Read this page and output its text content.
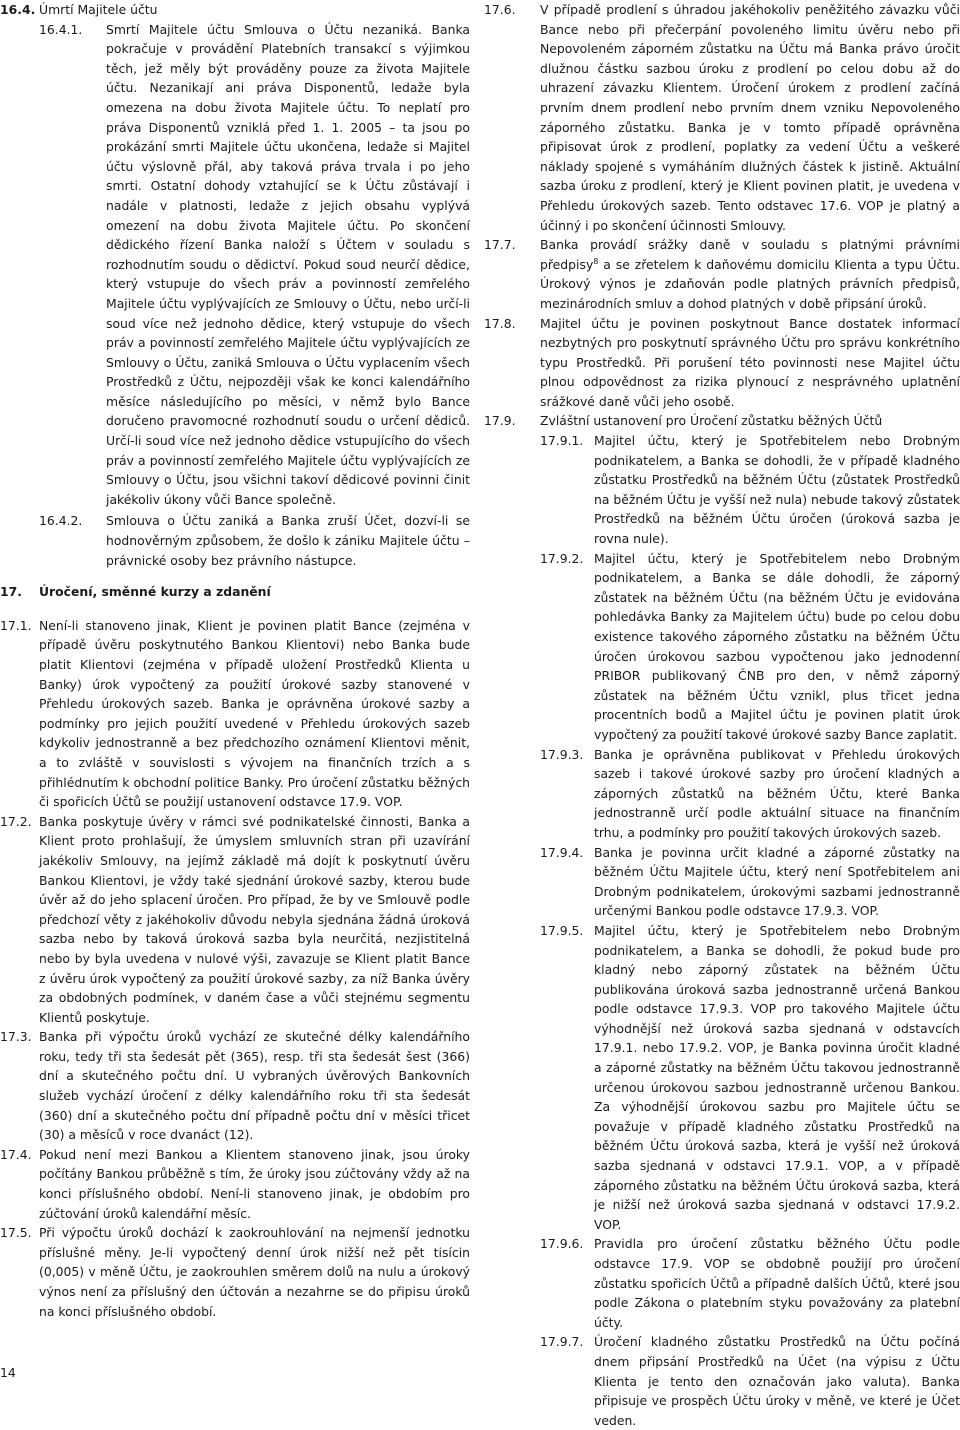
16.4. Úmrtí Majitele účtu
16.4.1. Smrtí Majitele účtu Smlouva o Účtu nezaniká. Banka pokračuje v provádění Platebních transakcí s výjimkou těch, jež měly být prováděny pouze za života Majitele účtu. Nezanikají ani práva Disponentů, ledaže byla omezena na dobu života Majitele účtu. To neplatí pro práva Disponentů vzniklá před 1. 1. 2005 – ta jsou po prokázání smrti Majitele účtu ukončena, ledaže si Majitel účtu výslovně přál, aby taková práva trvala i po jeho smrti. Ostatní dohody vztahující se k Účtu zůstávají i nadále v platnosti, ledaže z jejich obsahu vyplývá omezení na dobu života Majitele účtu. Po skončení dědického řízení Banka naloží s Účtem v souladu s rozhodnutím soudu o dědictví. Pokud soud neurčí dědice, který vstupuje do všech práv a povinností zemřelého Majitele účtu vyplývajících ze Smlouvy o Účtu, nebo určí-li soud více než jednoho dědice, který vstupuje do všech práv a povinností zemřelého Majitele účtu vyplývajících ze Smlouvy o Účtu, zaniká Smlouva o Účtu vyplacením všech Prostředků z Účtu, nejpozději však ke konci kalendářního měsíce následujícího po měsíci, v němž bylo Bance doručeno pravomocné rozhodnutí soudu o určení dědiců. Určí-li soud více než jednoho dědice vstupujícího do všech práv a povinností zemřelého Majitele účtu vyplývajících ze Smlouvy o Účtu, jsou všichni takoví dědicové povinni činit jakékoliv úkony vůči Bance společně.
16.4.2. Smlouva o Účtu zaniká a Banka zruší Účet, dozví-li se hodnověrným způsobem, že došlo k zániku Majitele účtu – právnické osoby bez právního nástupce.
17. Úročení, směnné kurzy a zdanění
17.1. Není-li stanoveno jinak, Klient je povinen platit Bance (zejména v případě úvěru poskytnutého Bankou Klientovi) nebo Banka bude platit Klientovi (zejména v případě uložení Prostředků Klienta u Banky) úrok vypočtený za použití úrokové sazby stanovené v Přehledu úrokových sazeb. Banka je oprávněna úrokové sazby a podmínky pro jejich použití uvedené v Přehledu úrokových sazeb kdykoliv jednostranně a bez předchozího oznámení Klientovi měnit, a to zvláště v souvislosti s vývojem na finančních trzích a s přihlédnutím k obchodní politice Banky. Pro úročení zůstatku běžných či spořicích Účtů se použijí ustanovení odstavce 17.9. VOP.
17.2. Banka poskytuje úvěry v rámci své podnikatelské činnosti, Banka a Klient proto prohlašují, že úmyslem smluvních stran při uzavírání jakékoliv Smlouvy, na jejímž základě má dojít k poskytnutí úvěru Bankou Klientovi, je vždy také sjednání úrokové sazby, kterou bude úvěr až do jeho splacení úročen. Pro případ, že by ve Smlouvě podle předchozí věty z jakéhokoliv důvodu nebyla sjednána žádná úroková sazba nebo by taková úroková sazba byla neurčitá, nezjistitelná nebo by byla uvedena v nulové výši, zavazuje se Klient platit Bance z úvěru úrok vypočtený za použití úrokové sazby, za níž Banka úvěry za obdobných podmínek, v daném čase a vůči stejnému segmentu Klientů poskytuje.
17.3. Banka při výpočtu úroků vychází ze skutečné délky kalendářního roku, tedy tři sta šedesát pět (365), resp. tři sta šedesát šest (366) dní a skutečného počtu dní. U vybraných úvěrových Bankovních služeb vychází úročení z délky kalendářního roku tři sta šedesát (360) dní a skutečného počtu dní případně počtu dní v měsíci třicet (30) a měsíců v roce dvanáct (12).
17.4. Pokud není mezi Bankou a Klientem stanoveno jinak, jsou úroky počítány Bankou průběžně s tím, že úroky jsou zúčtovány vždy až na konci příslušného období. Není-li stanoveno jinak, je obdobím pro zúčtování úroků kalendářní měsíc.
17.5. Při výpočtu úroků dochází k zaokrouhlování na nejmenší jednotku příslušné měny. Je-li vypočtený denní úrok nižší než pět tisícin (0,005) v měně Účtu, je zaokrouhlen směrem dolů na nulu a úrokový výnos není za příslušný den účtován a nezahrne se do připisu úroků na konci příslušného období.
17.6. V případě prodlení s úhradou jakéhokoliv peněžitého závazku vůči Bance nebo při přečerpání povoleného limitu úvěru nebo při Nepovoleném záporném zůstatku na Účtu má Banka právo úročit dlužnou částku sazbou úroku z prodlení po celou dobu až do uhrazení závazku Klientem. Úročení úrokem z prodlení začíná prvním dnem prodlení nebo prvním dnem vzniku Nepovoleného záporného zůstatku. Banka je v tomto případě oprávněna připisovat úrok z prodlení, poplatky za vedení Účtu a veškeré náklady spojené s vymáháním dlužných částek k jistině. Aktuální sazba úroku z prodlení, který je Klient povinen platit, je uvedena v Přehledu úrokových sazeb. Tento odstavec 17.6. VOP je platný a účinný i po skončení účinnosti Smlouvy.
17.7. Banka provádí srážky daně v souladu s platnými právními předpisy$^8$ a se zřetelem k daňovému domicilu Klienta a typu Účtu. Úrokový výnos je zdaňován podle platných právních předpisů, mezinárodních smluv a dohod platných v době připsání úroků.
17.8. Majitel účtu je povinen poskytnout Bance dostatek informací nezbytných pro poskytnutí správného Účtu pro správu konkrétního typu Prostředků. Při porušení této povinnosti nese Majitel účtu plnou odpovědnost za rizika plynoucí z nesprávného uplatnění srážkové daně vůči jeho osobě.
17.9. Zvláštní ustanovení pro Úročení zůstatku běžných Účtů
17.9.1. Majitel účtu, který je Spotřebitelem nebo Drobným podnikatelem, a Banka se dohodli, že v případě kladného zůstatku Prostředků na běžném Účtu (zůstatek Prostředků na běžném Účtu je vyšší než nula) nebude takový zůstatek Prostředků na běžném Účtu úročen (úroková sazba je rovna nule).
17.9.2. Majitel účtu, který je Spotřebitelem nebo Drobným podnikatelem, a Banka se dále dohodli, že záporný zůstatek na běžném Účtu (na běžném Účtu je evidována pohledávka Banky za Majitelem účtu) bude po celou dobu existence takového záporného zůstatku na běžném Účtu úročen úrokovou sazbou vypočtenou jako jednodenní PRIBOR publikovaný ČNB pro den, v němž záporný zůstatek na běžném Účtu vznikl, plus třicet jedna procentních bodů a Majitel účtu je povinen platit úrok vypočtený za použití takové úrokové sazby Bance zaplatit.
17.9.3. Banka je oprávněna publikovat v Přehledu úrokových sazeb i takové úrokové sazby pro úročení kladných a záporných zůstatků na běžném Účtu, které Banka jednostranně určí podle aktuální situace na finančním trhu, a podmínky pro použití takových úrokových sazeb.
17.9.4. Banka je povinna určit kladné a záporné zůstatky na běžném Účtu Majitele účtu, který není Spotřebitelem ani Drobným podnikatelem, úrokovými sazbami jednostranně určenými Bankou podle odstavce 17.9.3. VOP.
17.9.5. Majitel účtu, který je Spotřebitelem nebo Drobným podnikatelem, a Banka se dohodli, že pokud bude pro kladný nebo záporný zůstatek na běžném Účtu publikována úroková sazba jednostranně určená Bankou podle odstavce 17.9.3. VOP pro takového Majitele účtu výhodnější než úroková sazba sjednaná v odstavcích 17.9.1. nebo 17.9.2. VOP, je Banka povinna úročit kladné a záporné zůstatky na běžném Účtu takovou jednostranně určenou úrokovou sazbou jednostranně určenou Bankou. Za výhodnější úrokovou sazbu pro Majitele účtu se považuje v případě kladného zůstatku Prostředků na běžném Účtu úroková sazba, která je vyšší než úroková sazba sjednaná v odstavci 17.9.1. VOP, a v případě záporného zůstatku na běžném Účtu úroková sazba, která je nižší než úroková sazba sjednaná v odstavci 17.9.2. VOP.
17.9.6. Pravidla pro úročení zůstatku běžného Účtu podle odstavce 17.9. VOP se obdobně použijí pro úročení zůstatku spořicích Účtů a případně dalších Účtů, které jsou podle Zákona o platebním styku považovány za platební účty.
17.9.7. Úročení kladného zůstatku Prostředků na Účtu počíná dnem připsání Prostředků na Účet (na výpisu z Účtu Klienta je tento den označován jako valuta). Banka připisuje ve prospěch Účtu úroky v měně, ve které je Účet veden.
14
